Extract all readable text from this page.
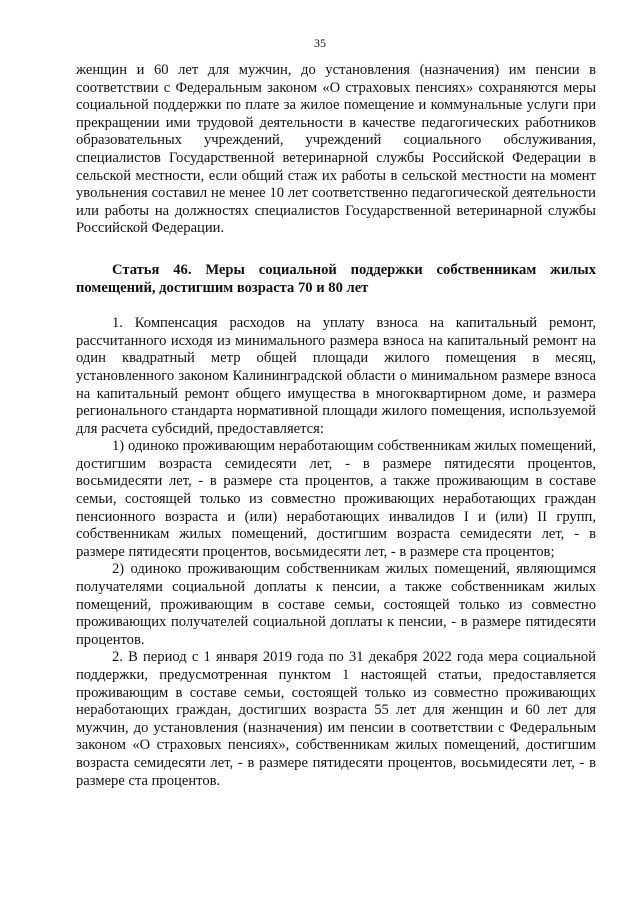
35

женщин и 60 лет для мужчин, до установления (назначения) им пенсии в соответствии с Федеральным законом «О страховых пенсиях» сохраняются меры социальной поддержки по плате за жилое помещение и коммунальные услуги при прекращении ими трудовой деятельности в качестве педагогических работников образовательных учреждений, учреждений социального обслуживания, специалистов Государственной ветеринарной службы Российской Федерации в сельской местности, если общий стаж их работы в сельской местности на момент увольнения составил не менее 10 лет соответственно педагогической деятельности или работы на должностях специалистов Государственной ветеринарной службы Российской Федерации.

Статья 46. Меры социальной поддержки собственникам жилых помещений, достигшим возраста 70 и 80 лет

1. Компенсация расходов на уплату взноса на капитальный ремонт, рассчитанного исходя из минимального размера взноса на капитальный ремонт на один квадратный метр общей площади жилого помещения в месяц, установленного законом Калининградской области о минимальном размере взноса на капитальный ремонт общего имущества в многоквартирном доме, и размера регионального стандарта нормативной площади жилого помещения, используемой для расчета субсидий, предоставляется:

1) одиноко проживающим неработающим собственникам жилых помещений, достигшим возраста семидесяти лет, - в размере пятидесяти процентов, восьмидесяти лет, - в размере ста процентов, а также проживающим в составе семьи, состоящей только из совместно проживающих неработающих граждан пенсионного возраста и (или) неработающих инвалидов I и (или) II групп, собственникам жилых помещений, достигшим возраста семидесяти лет, - в размере пятидесяти процентов, восьмидесяти лет, - в размере ста процентов;

2) одиноко проживающим собственникам жилых помещений, являющимся получателями социальной доплаты к пенсии, а также собственникам жилых помещений, проживающим в составе семьи, состоящей только из совместно проживающих получателей социальной доплаты к пенсии, - в размере пятидесяти процентов.

2. В период с 1 января 2019 года по 31 декабря 2022 года мера социальной поддержки, предусмотренная пунктом 1 настоящей статьи, предоставляется проживающим в составе семьи, состоящей только из совместно проживающих неработающих граждан, достигших возраста 55 лет для женщин и 60 лет для мужчин, до установления (назначения) им пенсии в соответствии с Федеральным законом «О страховых пенсиях», собственникам жилых помещений, достигшим возраста семидесяти лет, - в размере пятидесяти процентов, восьмидесяти лет, - в размере ста процентов.
